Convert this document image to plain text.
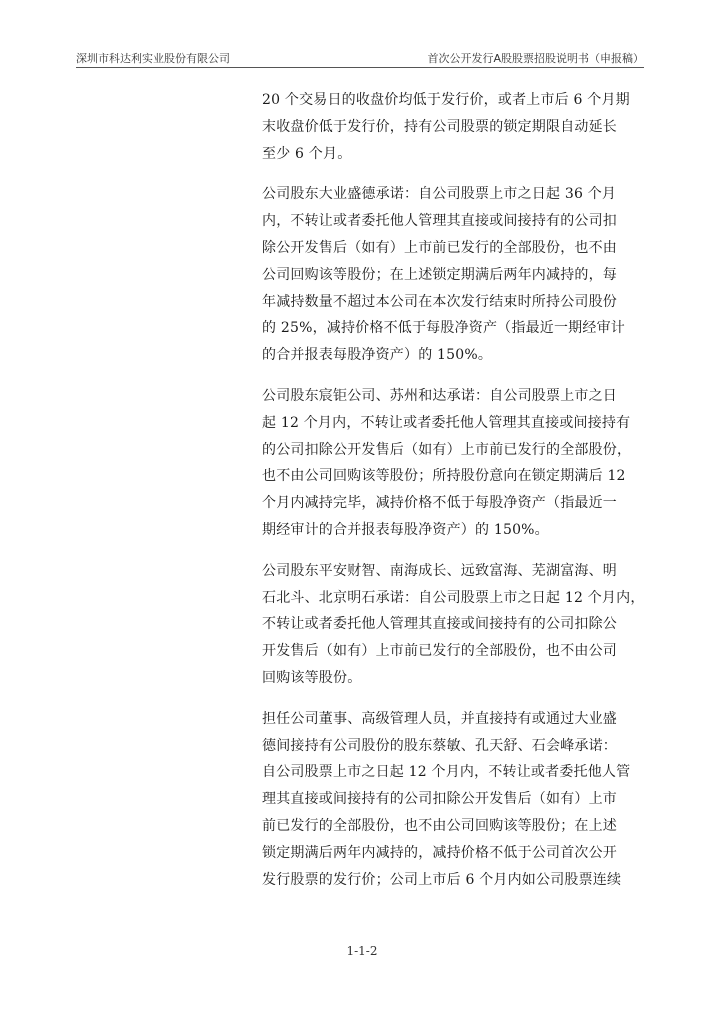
深圳市科达利实业股份有限公司	首次公开发行A股股票招股说明书（申报稿）

20 个交易日的收盘价均低于发行价，或者上市后 6 个月期
末收盘价低于发行价，持有公司股票的锁定期限自动延长
至少 6 个月。

公司股东大业盛德承诺：自公司股票上市之日起 36 个月
内，不转让或者委托他人管理其直接或间接持有的公司扣
除公开发售后（如有）上市前已发行的全部股份，也不由
公司回购该等股份；在上述锁定期满后两年内减持的，每
年减持数量不超过本公司在本次发行结束时所持公司股份
的 25%，减持价格不低于每股净资产（指最近一期经审计
的合并报表每股净资产）的 150%。

公司股东宸钜公司、苏州和达承诺：自公司股票上市之日
起 12 个月内，不转让或者委托他人管理其直接或间接持有
的公司扣除公开发售后（如有）上市前已发行的全部股份，
也不由公司回购该等股份；所持股份意向在锁定期满后 12
个月内减持完毕，减持价格不低于每股净资产（指最近一
期经审计的合并报表每股净资产）的 150%。

公司股东平安财智、南海成长、远致富海、芜湖富海、明
石北斗、北京明石承诺：自公司股票上市之日起 12 个月内，
不转让或者委托他人管理其直接或间接持有的公司扣除公
开发售后（如有）上市前已发行的全部股份，也不由公司
回购该等股份。

担任公司董事、高级管理人员，并直接持有或通过大业盛
德间接持有公司股份的股东蔡敏、孔天舒、石会峰承诺：
自公司股票上市之日起 12 个月内，不转让或者委托他人管
理其直接或间接持有的公司扣除公开发售后（如有）上市
前已发行的全部股份，也不由公司回购该等股份；在上述
锁定期满后两年内减持的，减持价格不低于公司首次公开
发行股票的发行价；公司上市后 6 个月内如公司股票连续

1-1-2
